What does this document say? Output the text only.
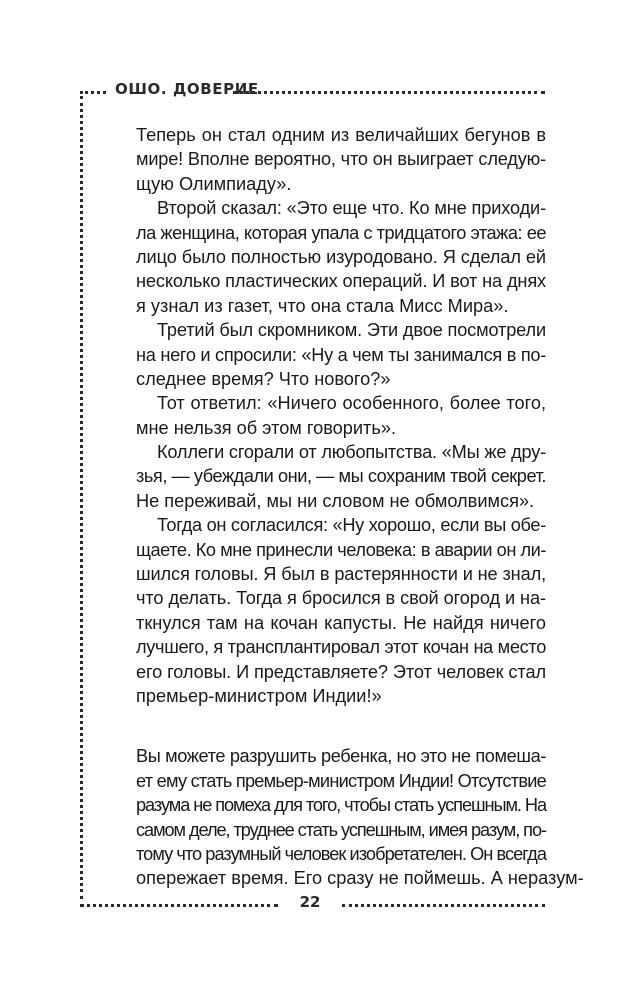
ОШО. ДОВЕРИЕ
Теперь он стал одним из величайших бегунов в
мире! Вполне вероятно, что он выиграет следую-
щую Олимпиаду».
Второй сказал: «Это еще что. Ко мне приходи-
ла женщина, которая упала с тридцатого этажа: ее
лицо было полностью изуродовано. Я сделал ей
несколько пластических операций. И вот на днях
я узнал из газет, что она стала Мисс Мира».
Третий был скромником. Эти двое посмотрели
на него и спросили: «Ну а чем ты занимался в по-
следнее время? Что нового?»
Тот ответил: «Ничего особенного, более того,
мне нельзя об этом говорить».
Коллеги сгорали от любопытства. «Мы же дру-
зья, — убеждали они, — мы сохраним твой секрет.
Не переживай, мы ни словом не обмолвимся».
Тогда он согласился: «Ну хорошо, если вы обе-
щаете. Ко мне принесли человека: в аварии он ли-
шился головы. Я был в растерянности и не знал,
что делать. Тогда я бросился в свой огород и на-
ткнулся там на кочан капусты. Не найдя ничего
лучшего, я трансплантировал этот кочан на место
его головы. И представляете? Этот человек стал
премьер-министром Индии!»
Вы можете разрушить ребенка, но это не помеша-
ет ему стать премьер-министром Индии! Отсутствие
разума не помеха для того, чтобы стать успешным. На
самом деле, труднее стать успешным, имея разум, по-
тому что разумный человек изобретателен. Он всегда
опережает время. Его сразу не поймешь. А неразум-
22
